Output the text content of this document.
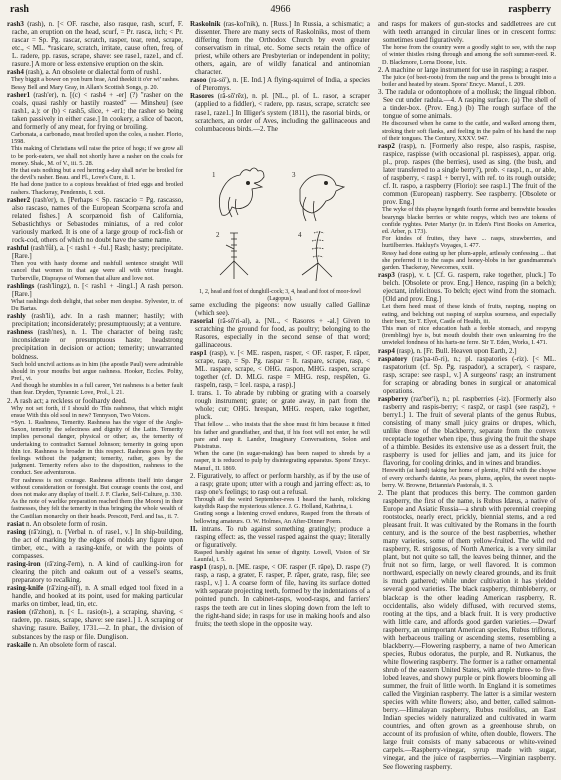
rash	4966	raspberry

rash3 (rash), n. [< OF. rasche, also rasque, rash, scurf, F. rache, an eruption on the head, scurf, = Pr. rasca, itch; < Pr. rascar = Sp. Pg. rascar, scratch, rasper, tear, rend, scrape, etc., < ML. *rasicare, scratch, irritate, cause often, freq. of L. radere, pp. rasus, scrape, shave: see rase1, raze1, and cf. rasure.] A more or less extensive eruption on the skin.

rash4 (rash), a. An obsolete or dialectal form of rush1.

They biggit a bower on yon burn brae, And theekit it o'er wi' rashes.

Bessy Bell and Mary Gray, in Allan's Scottish Songs, p. 20.

rasher1 (rash'er), n. [(c) < rash4 + -er] (?) "rasher on the coals, quasi rashly or hastily roasted" — Minsheu] (see rash1, a.): or (b) < rash5, slice, + -er1; the rasher so being taken passively in either case.] In cookery, a slice of bacon, and formerly of any meat, for frying or broiling.

Carbonata, a carbonado, meat broiled upon the coles, a rasher. Florio, 1598.

This making of Christians will raise the price of hogs; if we grow all to be pork-eaters, we shall not shortly have a rasher on the coals for money. Shak., M. of V., iii. 5. 28.

He that eats nothing but a red herring a-day shall ne'er be broiled for the devil's rasher. Beau. and Fl., Love's Cure, ii. 1.

He had done justice to a copious breakfast of fried eggs and broiled rashers. Thackeray, Pendennis, I. xxii.

rasher2 (rash'er), n. [Perhaps < Sp. rascacio = Pg. rascasso, also rascaso, names of the European Scorpæna scrofa and related fishes.] A scorpænoid fish of California, Sebastichthys or Sebastodes miniatus, of a red color variously marked. It is one of a large group of rock-fish or rock-cod, others of which no doubt have the same name.

rashful (rash'fůl), a. [< rash1 + -ful.] Rash; hasty; precipitate. [Rare.]

Then you with hasty doome and rashfull sentence straight Will cancel that women in that age were all with virtue fraught. Turberville, Disprayse of Women that allure and love not.

rashlings (rash'lingz), n. [< rash1 + -ling1.] A rash person. [Rare.]

What rashlings doth delight, that sober men despise. Sylvester, tr. of Du Bartas.

rashly (rash'li), adv. In a rash manner; hastily; with precipitation; inconsiderately; presumptuously; at a venture.

rashness (rash'nes), n. 1. The character of being rash; inconsiderate or presumptuous haste; headstrong precipitation in decision or action; temerity; unwarranted boldness.

Such bold uncivil actions as in him (the apostle Paul) were admirable should in your mouths but argue rashness. Hooker, Eccles. Polity, Pref., vi.

And though he stumbles in a full career, Yet rashness is a better fault than fear. Dryden, Tyrannic Love, Prol., l. 21.

2. A rash act; a reckless or foolhardy deed.

Why not set forth, if I should do This rashness, that which might ensue With this old soul in new? Tennyson, Two Voices.

=Syn. 1. Rashness, Temerity. Rashness has the vigor of the Anglo-Saxon, temerity the selectness and dignity of the Latin. Temerity implies personal danger, physical or other; as, the temerity of undertaking to contradict Samuel Johnson; temerity in going upon thin ice. Rashness is broader in this respect. Rashness goes by the feelings without the judgment; temerity, rather, goes by the judgment. Temerity refers also to the disposition, rashness to the conduct. See adventurous.

For rashness is not courage. Rashness affronts itself into danger without consideration or foresight. But courage counts the cost, and does not make any display of itself. J. F. Clarke, Self-Culture, p. 330.

As the note of warlike preparation reached them (the Moors) in their fastnesses, they felt the temerity in thus bringing the whole wealth of the Castilian monarchy on their heads. Prescott, Ferd. and Isa., ii. 7.

rasiat n. An obsolete form of rosin.

rasing (rā'zing), n. [Verbal n. of rase1, v.] In ship-building, the act of marking by the edges of molds any figure upon timber, etc., with a rasing-knife, or with the points of compasses.

rasing-iron (rā'zing-ī'ern), n. A kind of caulking-iron for clearing the pitch and oakum out of a vessel's seams, preparatory to recalking.

rasing-knife (rā'zing-nīf), n. A small edged tool fixed in a handle, and hooked at its point, used for making particular marks on timber, lead, tin, etc.

rasion (rā'zhon), n. [< L. rasio(n-), a scraping, shaving, < radere, pp. rasus, scrape, shave: see rase1.] 1. A scraping or shaving; rasure. Bailey, 1731.—2. In phar., the division of substances by the rasp or file. Dunglison.

raskaile n. An obsolete form of rascal.

Raskolnik (ras-kol'nik), n. [Russ.] In Russia, a schismatic; a dissenter. There are many sects of Raskolniks, most of them differing from the Orthodox Church by even greater conservatism in ritual, etc. Some sects retain the office of priest, while others are Presbyterian or independent in polity; others, again, are of wildly fanatical and antinomian character.

rasoo (ra-sö'), n. [E. Ind.] A flying-squirrel of India, a species of Pteromys.

Rasores (rā-sō'rēz), n. pl. [NL., pl. of L. rasor, a scraper (applied to a fiddler), < radere, pp. rasus, scrape, scratch: see rase1, raze1.] In Illiger's system (1811), the rasorial birds, or scratchers, an order of Aves, including the gallinaceous and columbaceous birds.—2. The

1	3
2	4
1, 2, head and foot of dunghill-cock; 3, 4, head and foot of moor-fowl (Lagopus).

same excluding the pigeons: now usually called Gallinæ (which see).

rasorial (rā-sō'ri-al), a. [NL., < Rasores + -al.] Given to scratching the ground for food, as poultry; belonging to the Rasores, especially in the second sense of that word; gallinaceous.

rasp1 (rasp), v. [< ME. raspen, rasper, < OF. rasper, F. râper, scrape, rasp, = Sp. Pg. raspar = It. raspare, scrape, rasp, < ML. raspare, scrape, < OHG. raspon, MHG. raspen, scrape together (cf. D. MLG. raspe = MHG. resp, respêlen, G. raspeln, rasp, = Icel. raspa, a rasp).]

I. trans. 1. To abrade by rubbing or grating with a coarsely rough instrument; grate; or grate away, in part from the whole; cut; OHG. hrespan, MHG. respen, rake together, pluck.

That fellow ... who insists that the shoe must fit him because it fitted his father and grandfather, and that, if his foot will not enter, he will pare and rasp it. Landor, Imaginary Conversations, Solon and Pisistratus.

When the cane (in sugar-making) has been rasped to shreds by a rasper, it is reduced to pulp by disintegrating apparatus. Spons' Encyc. Manuf., II. 1869.

2. Figuratively, to affect or perform harshly, as if by the use of a rasp; grate upon; utter with a rough and jarring effect: as, to rasp one's feelings; to rasp out a refusal.

Through all the weird September-eves I heard the harsh, rolicking katydids Rasp the mysterious silence. J. G. Holland, Kathrina, i.

Grating songs a listening crowd endures, Rasped from the throats of bellowing amateurs. O. W. Holmes, An After-Dinner Poem.

II. intrans. To rub against something gratingly; produce a rasping effect: as, the vessel rasped against the quay; literally or figuratively.

Rasped harshly against his sense of dignity. Lowell, Vision of Sir Launfal, i. 5.

rasp1 (rasp), n. [ME. raspe, < OF. rasper (F. râpe), D. raspe (?) rasp, a rasp, a grater, F. rasper, P. râper, grate, rasp, file; see rasp1, v.] 1. A coarse form of file, having its surface dotted with separate projecting teeth, formed by the indentations of a pointed punch. In cabinet-rasps, wood-rasps, and farriers' rasps the teeth are cut in lines sloping down from the left to the right-hand side; in rasps for use in making hoofs and also fruits; the teeth slope in the opposite way.

and rasps for makers of gun-stocks and saddletrees are cut with teeth arranged in circular lines or in crescent forms: sometimes used figuratively.

The horse from the country were a goodly sight to see, with the rasp of winter thistles rising through and among the soft summer-reed. R. D. Blackmore, Lorna Doone, lxix.

2. A machine or large instrument for use in rasping; a rasper.

The juice (of beet-roots) from the rasp and the press is brought into a boiler and heated by steam. Spons' Encyc. Manuf., I. 209.

3. The radula or odontophore of a mollusk; the lingual ribbon. See cut under radula.—4. A rasping surface. (a) The shell of a tinder-box. (Prov. Eng.) (b) The rough surface of the tongue of some animals.

He discoursed when he came to the cattle, and walked among them, stroking their soft flanks, and feeling in the palm of his hand the rasp of their tongues. The Century, XXXV. 947.

rasp2 (rasp), n. [Formerly also respe, also raspis, raspise, raspice, raspisse (with occasional pl. raspisses), appar. orig. pl., prop. raspes (the berries), used as sing. (the bush, and later transferred to a single berry?), prob. < rasp1, n., or able, of raspberry, < rasp1 + berry1, with ref. to its rough outside; cf. It. raspo, a raspberry (Florio): see rasp1.] The fruit of the common (European) raspberry. See raspberry. [Obsolete or prov. Eng.]

The wyke of this phayne hyngeth fourth forme and bemwhite bossdes bearyngs blacke berries or white respys, which two are tokens of confide ryghtes. Peter Martyr (tr. in Eden's First Books on America, ed. Arber, p. 173).

For kindes of fruites, they have ... rasps, strawberries, and hurtilberries. Hakluyt's Voyages, I. 477.

Ressy had done eating up her plum-apple, artlessly confessing ... that she preferred it to the rasps and honey-blobs in her grandmamma's garden. Thackeray, Newcomes, xxiii.

rasp3 (rasp), v. t. [Cf. G. raspern, rake together, pluck.] To belch. [Obsolete or prov. Eng.] Hence, rasping (in a belch); ejectant, infelicitous. To belch; eject wind from the stomach. [Old and prov. Eng.]

Let them heed must of these kinds of fruits, rasping, rasping on eating, and belching out rasping of surplus sourness, and especially their beer, Sir T. Elyot, Castle of Health, iii.

This man of nice education hath a feeble stomach, and respyng (trembling) hye is, but mouth doubth their own unlearning fro the unwiekel fondness of his harts-ne ferre. Sir T. Eden, Works, I. 471.

rasp4 (rasp), n. [Fr. Bull. Heaven upon Earth, 2.]

raspatory (ras'pa-tō-ri), n.; pl. raspatories (-riz). [< ML. raspatorium (cf. Sp. Pg. raspador), a scraper), < raspare, rasp, scrape: see rasp1, v.] A surgeons' rasp; an instrument for scraping or abrading bones in surgical or anatomical operations.

raspberry (raz'ber'i), n.; pl. raspberries (-iz). [Formerly also rasberry and raspis-berry; < rasp2, or rasp1 (see rasp2), + berry1.] 1. The fruit of several plants of the genus Rubus, consisting of many small juicy grains or drupes, which, unlike those of the blackberry, separate from the convex receptacle together when ripe, thus giving the fruit the shape of a thimble. Besides its extensive use as a dessert fruit, the raspberry is used for jellies and jam, and its juice for flavoring, for cooling drinks, and in wines and brandies.

Herewith (at hand) taking her home of plentie, Fill'd with the choyse of every orchard's daintie, As pears, plums, apples, the sweet raspis-berry. W. Browne, Britannia's Pastorals, ii. 3.

2. The plant that produces this berry. The common garden raspberry, the first of the name, is Rubus Idæus, a native of Europe and Asiatic Russia—a shrub with perennial creeping rootstocks, nearly erect, prickly, biennial stems, and a red pleasant fruit. It was cultivated by the Romans in the fourth century, and is the source of the best raspberries, whether many varieties, some of them yellow-fruited. The wild red raspberry, R. strigosus, of North America, is a very similar plant, but not quite so tall, the leaves being thinner, and the fruit not so firm, large, or well flavored. It is common northward, especially on newly cleared grounds, and its fruit is much gathered; while under cultivation it has yielded several good varieties. The black raspberry, thimbleberry, or blackcap is the other leading American raspberry, R. occidentalis, also widely diffused, with recurved stems, rooting at the tips, and a black fruit. It is very productive with little care, and affords good garden varieties.—Dwarf raspberry, an unimportant American species, Rubus triflorus, with herbaceous trailing or ascending stems, resembling a blackberry.—Flowering raspberry, a name of two American species, Rubus odoratus, the purple, and R. Nutkanus, the white flowering raspberry. The former is a rather ornamental shrub of the eastern United States, with ample three- to five-lobed leaves, and showy purple or pink flowers blooming all summer, the fruit of little worth. In England it is sometimes called the Virginian raspberry. The latter is a similar western species with white flowers; also, and better, called salmon-berry.—Himalayan raspberry, Rubus rosifolius, an East Indian species widely naturalized and cultivated in warm countries, and often grown as a greenhouse shrub, on account of its profusion of white, often double, flowers. The large fruit consists of many sabaceous or white-veined carpels.—Raspberry-vinegar, syrup made with sugar, vinegar, and the juice of raspberries.—Virginian raspberry. See flowering raspberry.
